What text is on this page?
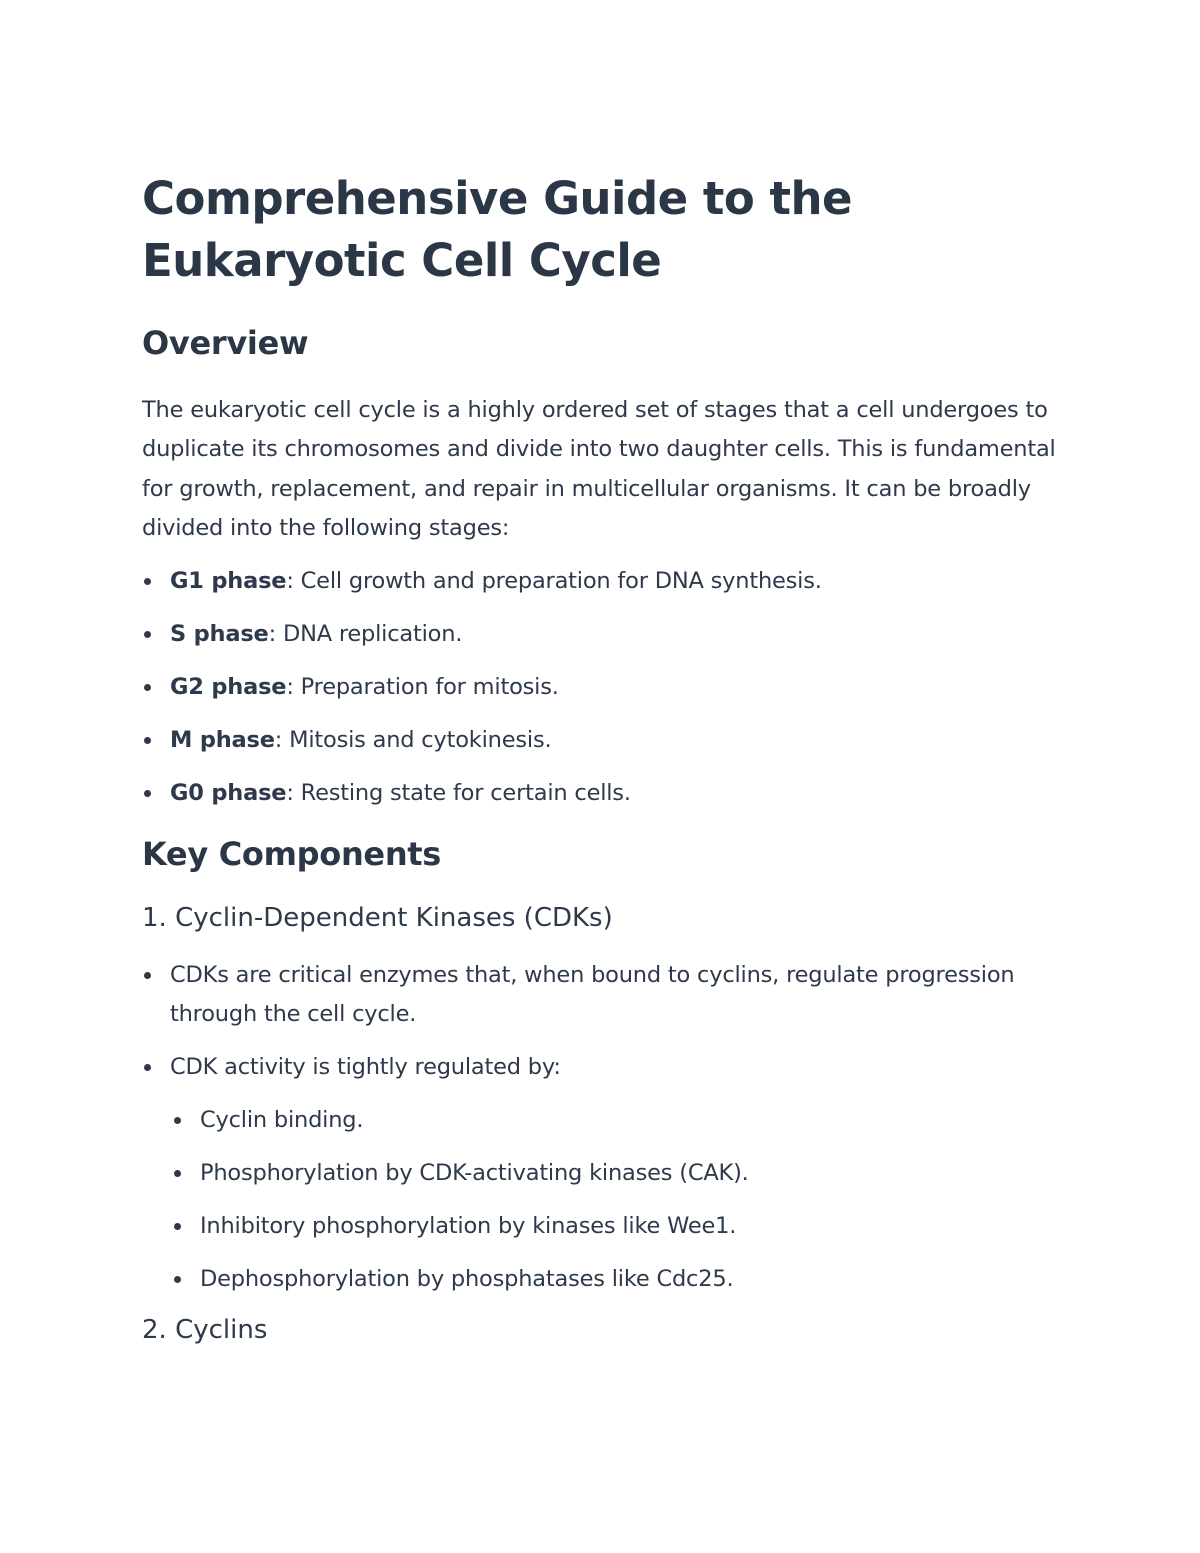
Comprehensive Guide to the Eukaryotic Cell Cycle
Overview

The eukaryotic cell cycle is a highly ordered set of stages that a cell undergoes to duplicate its chromosomes and divide into two daughter cells. This is fundamental for growth, replacement, and repair in multicellular organisms. It can be broadly divided into the following stages:

G1 phase: Cell growth and preparation for DNA synthesis.
S phase: DNA replication.
G2 phase: Preparation for mitosis.
M phase: Mitosis and cytokinesis.
G0 phase: Resting state for certain cells.
Key Components
1. Cyclin-Dependent Kinases (CDKs)
CDKs are critical enzymes that, when bound to cyclins, regulate progression through the cell cycle.
CDK activity is tightly regulated by:
Cyclin binding.
Phosphorylation by CDK-activating kinases (CAK).
Inhibitory phosphorylation by kinases like Wee1.
Dephosphorylation by phosphatases like Cdc25.
2. Cyclins
